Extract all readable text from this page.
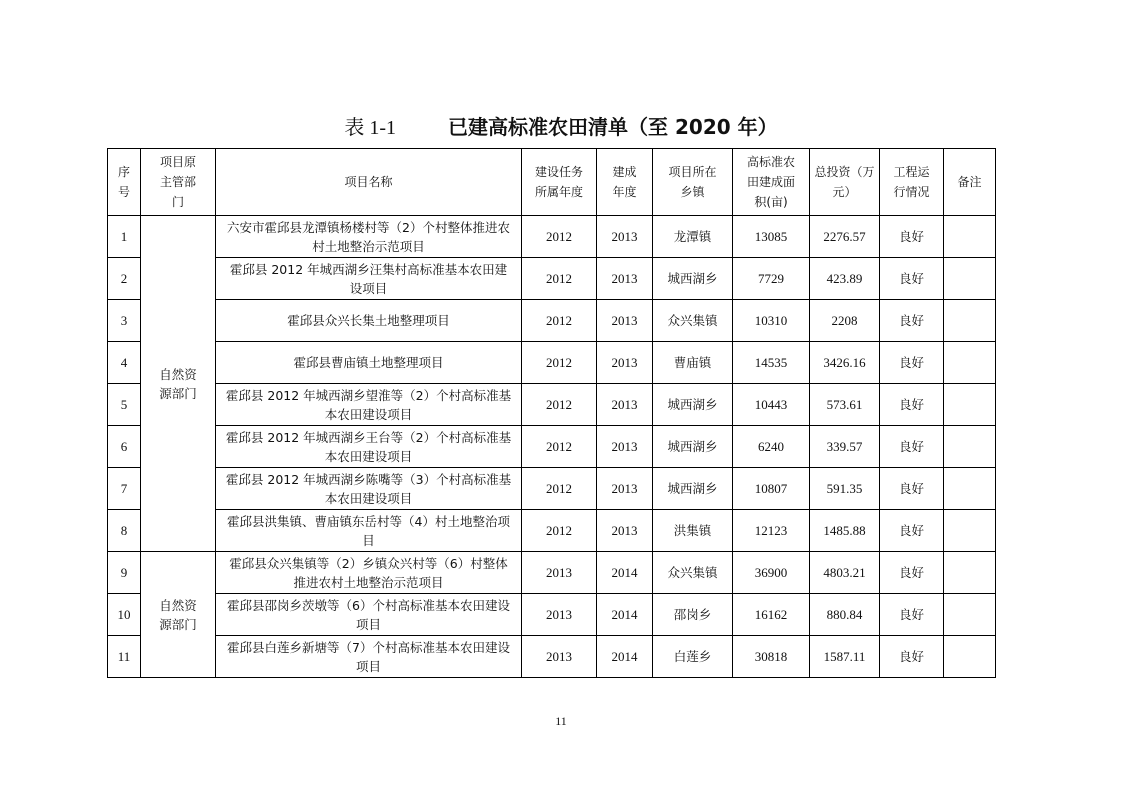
表 1-1	已建高标准农田清单（至 2020 年）
序号	项目原主管部门	项目名称	建设任务所属年度	建成年度	项目所在乡镇	高标准农田建成面积(亩)	总投资（万元）	工程运行情况	备注
1	自然资源部门	六安市霍邱县龙潭镇杨楼村等（2）个村整体推进农村土地整治示范项目	2012	2013	龙潭镇	13085	2276.57	良好	
2		霍邱县 2012 年城西湖乡汪集村高标准基本农田建设项目	2012	2013	城西湖乡	7729	423.89	良好	
3		霍邱县众兴长集土地整理项目	2012	2013	众兴集镇	10310	2208	良好	
4		霍邱县曹庙镇土地整理项目	2012	2013	曹庙镇	14535	3426.16	良好	
5		霍邱县 2012 年城西湖乡望淮等（2）个村高标准基本农田建设项目	2012	2013	城西湖乡	10443	573.61	良好	
6		霍邱县 2012 年城西湖乡王台等（2）个村高标准基本农田建设项目	2012	2013	城西湖乡	6240	339.57	良好	
7		霍邱县 2012 年城西湖乡陈嘴等（3）个村高标准基本农田建设项目	2012	2013	城西湖乡	10807	591.35	良好	
8		霍邱县洪集镇、曹庙镇东岳村等（4）村土地整治项目	2012	2013	洪集镇	12123	1485.88	良好	
9	自然资源部门	霍邱县众兴集镇等（2）乡镇众兴村等（6）村整体推进农村土地整治示范项目	2013	2014	众兴集镇	36900	4803.21	良好	
10		霍邱县邵岗乡茨墩等（6）个村高标准基本农田建设项目	2013	2014	邵岗乡	16162	880.84	良好	
11		霍邱县白莲乡新塘等（7）个村高标准基本农田建设项目	2013	2014	白莲乡	30818	1587.11	良好	
11
